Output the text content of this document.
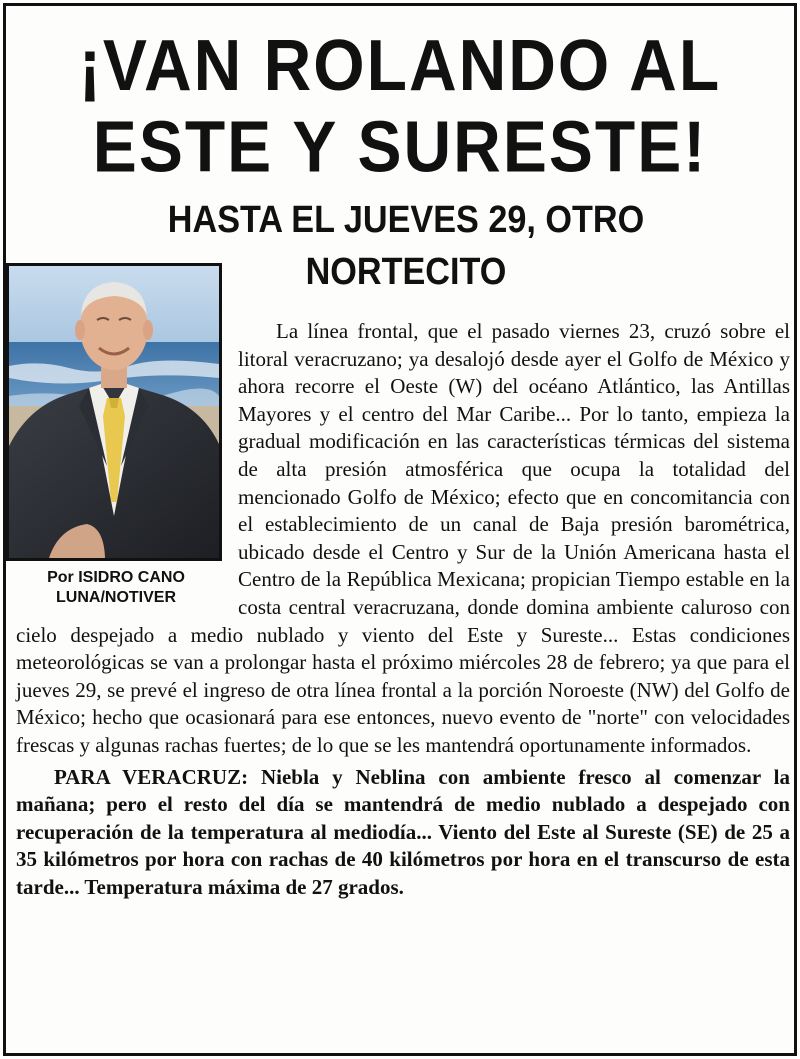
¡VAN ROLANDO AL
ESTE Y SURESTE!
HASTA EL JUEVES 29, OTRO
NORTECITO
Por ISIDRO CANO
LUNA/NOTIVER

La línea frontal, que el pasado viernes 23, cruzó sobre el litoral veracruzano; ya desalojó desde ayer el Golfo de México y ahora recorre el Oeste (W) del océano Atlántico, las Antillas Mayores y el centro del Mar Caribe... Por lo tanto, empieza la gradual modificación en las características térmicas del sistema de alta presión atmosférica que ocupa la totalidad del mencionado Golfo de México; efecto que en concomitancia con el establecimiento de un canal de Baja presión barométrica, ubicado desde el Centro y Sur de la Unión Americana hasta el Centro de la República Mexicana; propician Tiempo estable en la costa central veracruzana, donde domina ambiente caluroso con cielo despejado a medio nublado y viento del Este y Sureste... Estas condiciones meteorológicas se van a prolongar hasta el próximo miércoles 28 de febrero; ya que para el jueves 29, se prevé el ingreso de otra línea frontal a la porción Noroeste (NW) del Golfo de México; hecho que ocasionará para ese entonces, nuevo evento de "norte" con velocidades frescas y algunas rachas fuertes; de lo que se les mantendrá oportunamente informados.

PARA VERACRUZ: Niebla y Neblina con ambiente fresco al comenzar la mañana; pero el resto del día se mantendrá de medio nublado a despejado con recuperación de la temperatura al mediodía... Viento del Este al Sureste (SE) de 25 a 35 kilómetros por hora con rachas de 40 kilómetros por hora en el transcurso de esta tarde... Temperatura máxima de 27 grados.
